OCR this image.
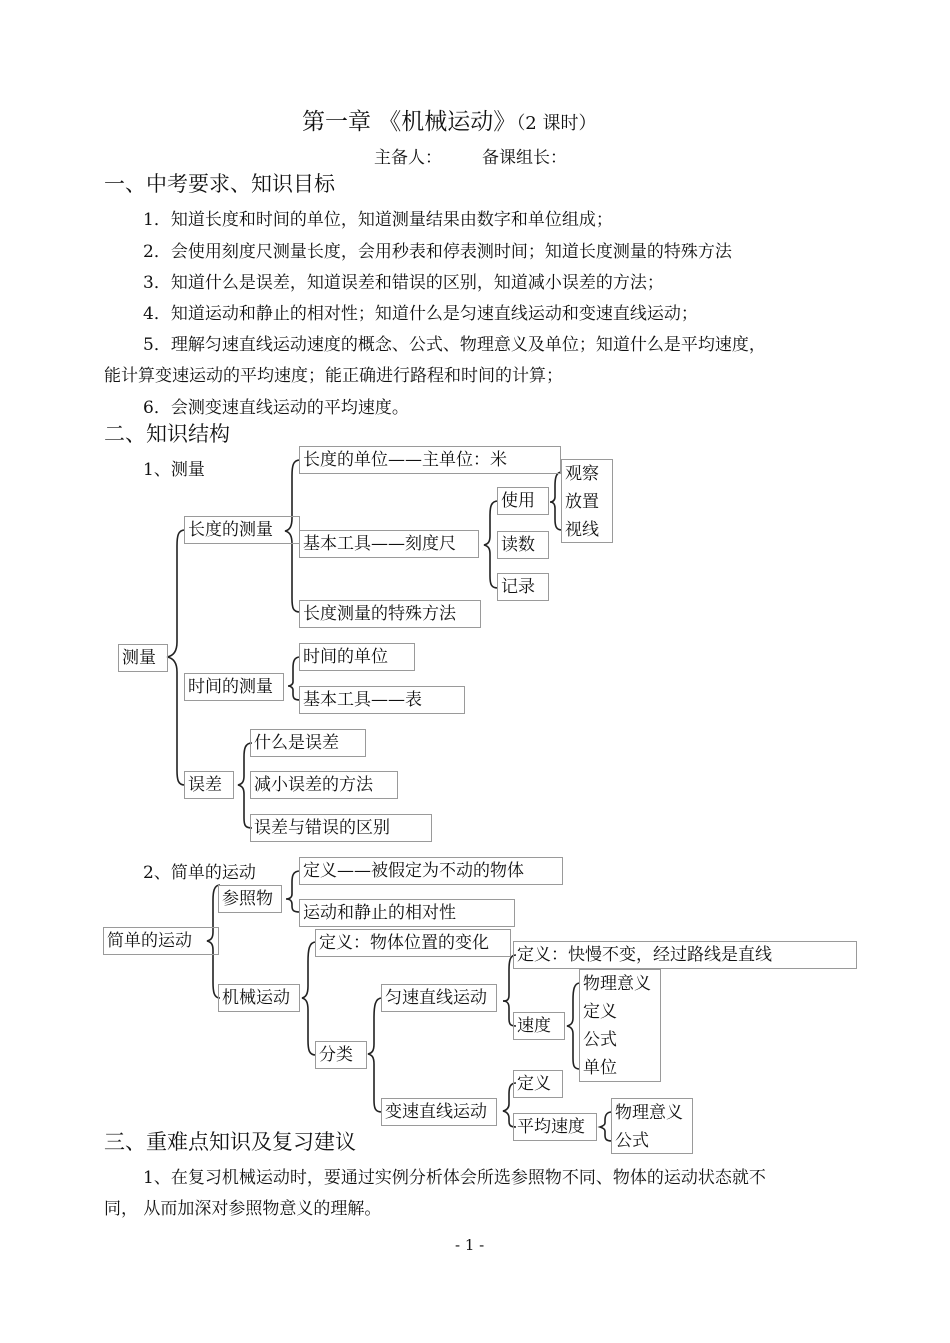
第一章 《机械运动》（2 课时）
主备人： 备课组长：
一、中考要求、知识目标
1．知道长度和时间的单位，知道测量结果由数字和单位组成；
2．会使用刻度尺测量长度，会用秒表和停表测时间；知道长度测量的特殊方法
3．知道什么是误差，知道误差和错误的区别，知道减小误差的方法；
4．知道运动和静止的相对性；知道什么是匀速直线运动和变速直线运动；
5．理解匀速直线运动速度的概念、公式、物理意义及单位；知道什么是平均速度，
能计算变速运动的平均速度；能正确进行路程和时间的计算；
6．会测变速直线运动的平均速度。
二、知识结构
1、测量
测量
长度的测量
长度的单位——主单位：米
基本工具——刻度尺
使用
观察
放置
视线
读数
记录
长度测量的特殊方法
时间的测量
时间的单位
基本工具——表
误差
什么是误差
减小误差的方法
误差与错误的区别
2、简单的运动
参照物
定义——被假定为不动的物体
运动和静止的相对性
简单的运动
机械运动
定义：物体位置的变化
分类
匀速直线运动
定义：快慢不变，经过路线是直线
速度
物理意义
定义
公式
单位
变速直线运动
定义
平均速度
物理意义
公式
三、重难点知识及复习建议
1、在复习机械运动时，要通过实例分析体会所选参照物不同、物体的运动状态就不
同， 从而加深对参照物意义的理解。
- 1 -
